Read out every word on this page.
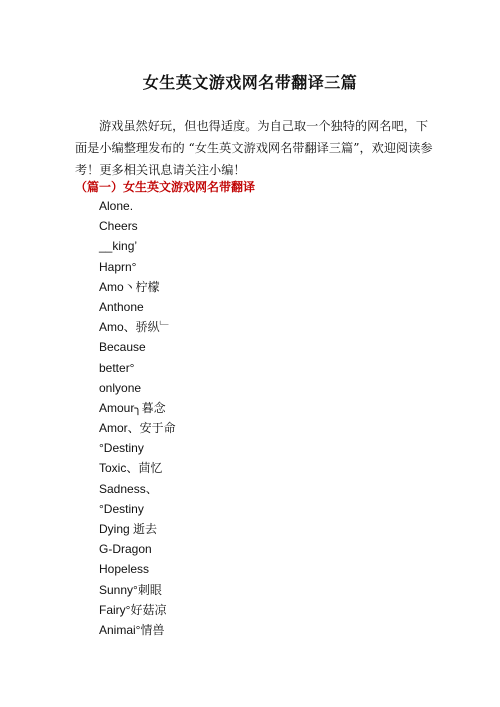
女生英文游戏网名带翻译三篇
游戏虽然好玩，但也得适度。为自己取一个独特的网名吧，下面是小编整理发布的 “女生英文游戏网名带翻译三篇”，欢迎阅读参考！更多相关讯息请关注小编！
（篇一）女生英文游戏网名带翻译
Alone.
Cheers
__king’
Haprn°
Amo丶柠檬
Anthone
Amo、骄纵﹂
Because
better°
onlyone
Amour╮暮念
Amor、安于命
°Destiny
Toxic、茴忆
Sadness、
°Destiny
Dying 逝去
G-Dragon
Hopeless
Sunny°刺眼
Fairy°好菇凉
Animai°情兽
